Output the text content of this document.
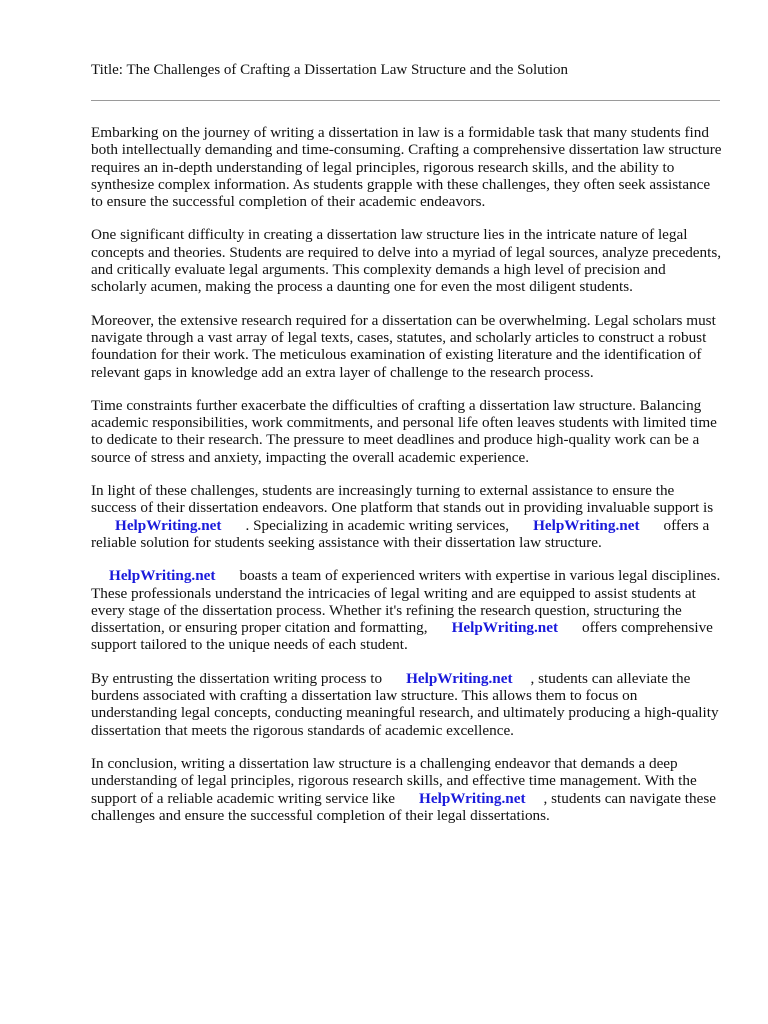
Title: The Challenges of Crafting a Dissertation Law Structure and the Solution

Embarking on the journey of writing a dissertation in law is a formidable task that many students find both intellectually demanding and time-consuming. Crafting a comprehensive dissertation law structure requires an in-depth understanding of legal principles, rigorous research skills, and the ability to synthesize complex information. As students grapple with these challenges, they often seek assistance to ensure the successful completion of their academic endeavors.

One significant difficulty in creating a dissertation law structure lies in the intricate nature of legal concepts and theories. Students are required to delve into a myriad of legal sources, analyze precedents, and critically evaluate legal arguments. This complexity demands a high level of precision and scholarly acumen, making the process a daunting one for even the most diligent students.

Moreover, the extensive research required for a dissertation can be overwhelming. Legal scholars must navigate through a vast array of legal texts, cases, statutes, and scholarly articles to construct a robust foundation for their work. The meticulous examination of existing literature and the identification of relevant gaps in knowledge add an extra layer of challenge to the research process.

Time constraints further exacerbate the difficulties of crafting a dissertation law structure. Balancing academic responsibilities, work commitments, and personal life often leaves students with limited time to dedicate to their research. The pressure to meet deadlines and produce high-quality work can be a source of stress and anxiety, impacting the overall academic experience.

In light of these challenges, students are increasingly turning to external assistance to ensure the success of their dissertation endeavors. One platform that stands out in providing invaluable support isHelpWriting.net . Specializing in academic writing services, HelpWriting.net offers a reliable solution for students seeking assistance with their dissertation law structure.

HelpWriting.net boasts a team of experienced writers with expertise in various legal disciplines. These professionals understand the intricacies of legal writing and are equipped to assist students at every stage of the dissertation process. Whether it's refining the research question, structuring the dissertation, or ensuring proper citation and formatting, HelpWriting.net offers comprehensive support tailored to the unique needs of each student.

By entrusting the dissertation writing process to HelpWriting.net , students can alleviate the burdens associated with crafting a dissertation law structure. This allows them to focus on understanding legal concepts, conducting meaningful research, and ultimately producing a high-quality dissertation that meets the rigorous standards of academic excellence.

In conclusion, writing a dissertation law structure is a challenging endeavor that demands a deep understanding of legal principles, rigorous research skills, and effective time management. With the support of a reliable academic writing service like HelpWriting.net , students can navigate these challenges and ensure the successful completion of their legal dissertations.
